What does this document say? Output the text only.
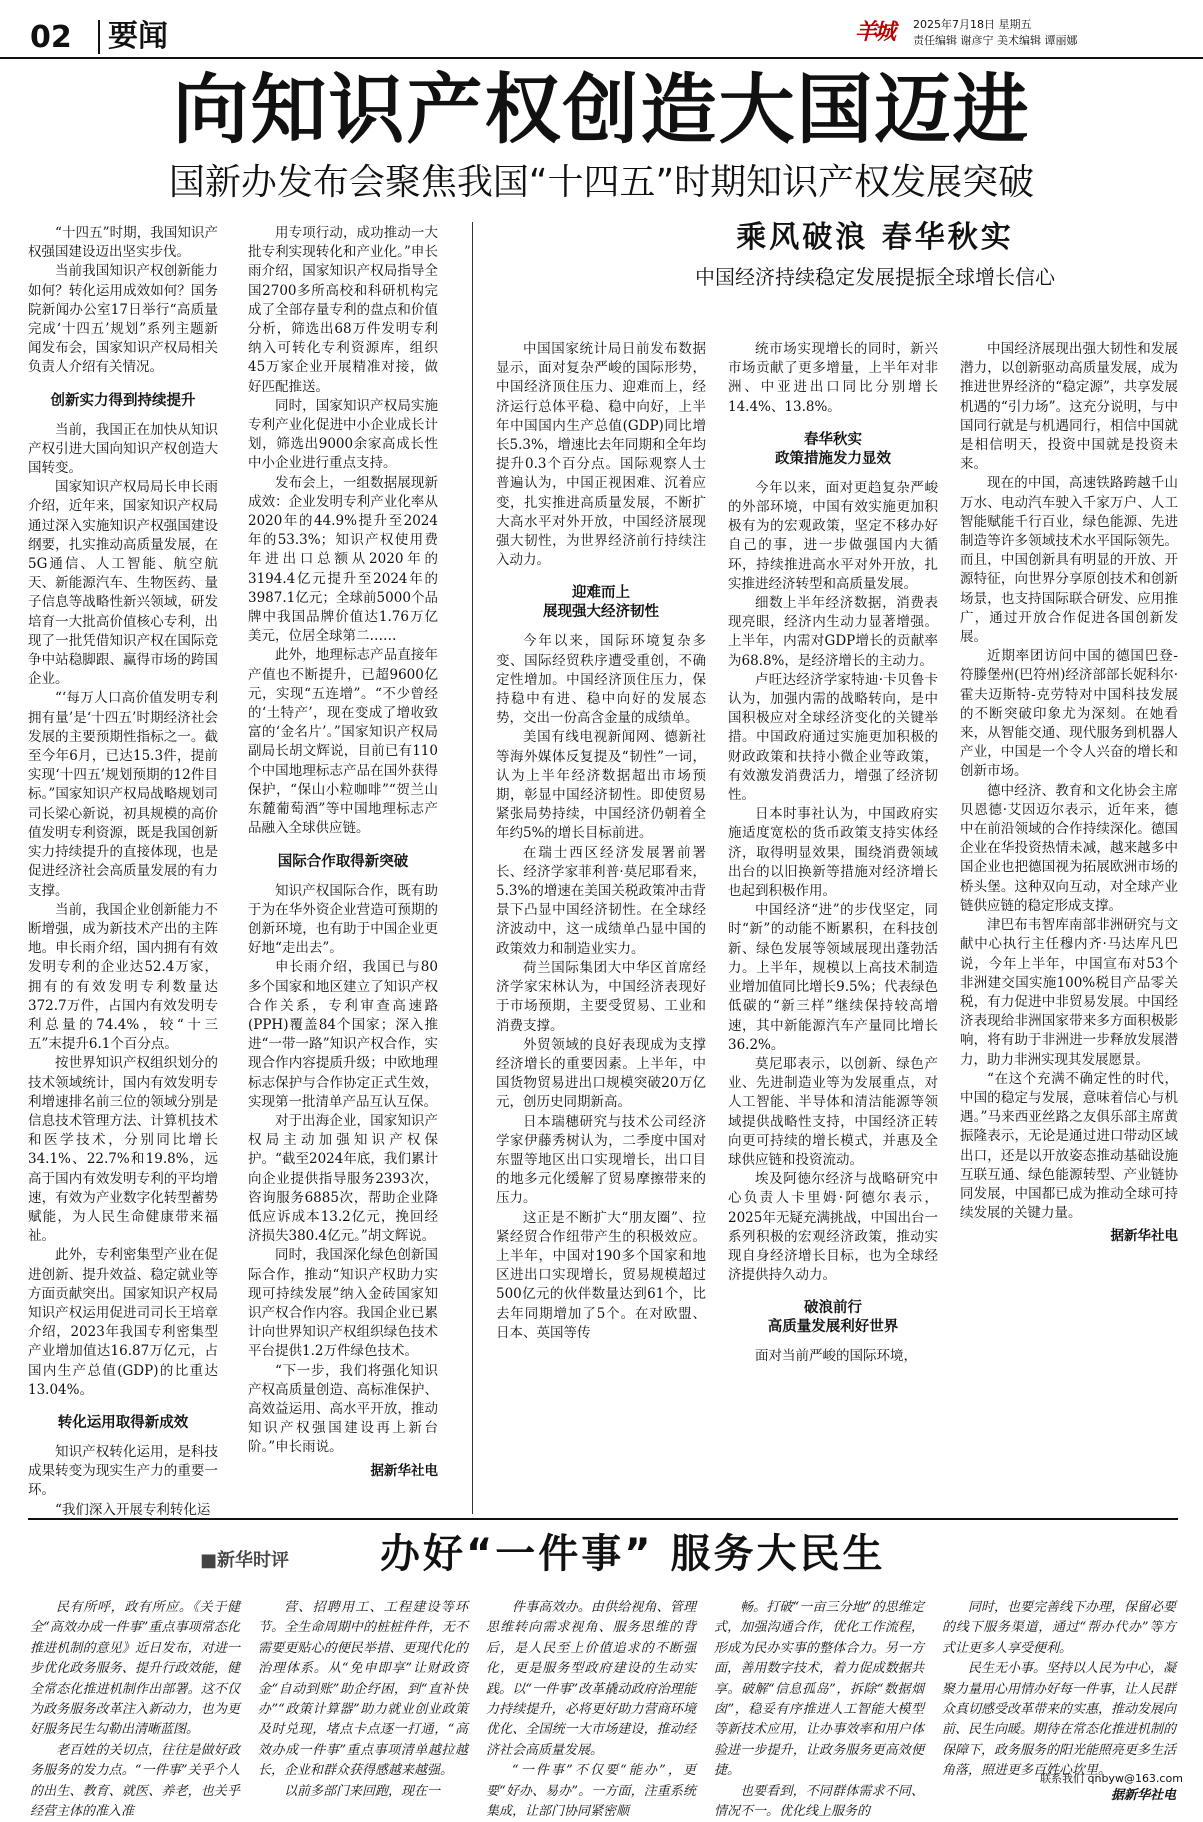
02	要闻	羊城	2025年7月18日 星期五
责任编辑 谢彦宁 美术编辑 谭丽娜
向知识产权创造大国迈进
国新办发布会聚焦我国“十四五”时期知识产权发展突破

“十四五”时期，我国知识产权强国建设迈出坚实步伐。

当前我国知识产权创新能力如何？转化运用成效如何？国务院新闻办公室17日举行“高质量完成‘十四五’规划”系列主题新闻发布会，国家知识产权局相关负责人介绍有关情况。

创新实力得到持续提升

当前，我国正在加快从知识产权引进大国向知识产权创造大国转变。

国家知识产权局局长申长雨介绍，近年来，国家知识产权局通过深入实施知识产权强国建设纲要，扎实推动高质量发展，在5G通信、人工智能、航空航天、新能源汽车、生物医药、量子信息等战略性新兴领域，研发培育一大批高价值核心专利，出现了一批凭借知识产权在国际竞争中站稳脚跟、赢得市场的跨国企业。

“‘每万人口高价值发明专利拥有量’是‘十四五’时期经济社会发展的主要预期性指标之一。截至今年6月，已达15.3件，提前实现‘十四五’规划预期的12件目标。”国家知识产权局战略规划司司长梁心新说，初具规模的高价值发明专利资源，既是我国创新实力持续提升的直接体现，也是促进经济社会高质量发展的有力支撑。

当前，我国企业创新能力不断增强，成为新技术产出的主阵地。申长雨介绍，国内拥有有效发明专利的企业达52.4万家，拥有的有效发明专利数量达372.7万件，占国内有效发明专利总量的74.4%，较“十三五”末提升6.1个百分点。

按世界知识产权组织划分的技术领域统计，国内有效发明专利增速排名前三位的领域分别是信息技术管理方法、计算机技术和医学技术，分别同比增长34.1%、22.7%和19.8%，远高于国内有效发明专利的平均增速，有效为产业数字化转型蓄势赋能，为人民生命健康带来福祉。

此外，专利密集型产业在促进创新、提升效益、稳定就业等方面贡献突出。国家知识产权局知识产权运用促进司司长王培章介绍，2023年我国专利密集型产业增加值达16.87万亿元，占国内生产总值(GDP)的比重达13.04%。

转化运用取得新成效

知识产权转化运用，是科技成果转变为现实生产力的重要一环。

“我们深入开展专利转化运

用专项行动，成功推动一大批专利实现转化和产业化。”申长雨介绍，国家知识产权局指导全国2700多所高校和科研机构完成了全部存量专利的盘点和价值分析，筛选出68万件发明专利纳入可转化专利资源库，组织45万家企业开展精准对接，做好匹配推送。

同时，国家知识产权局实施专利产业化促进中小企业成长计划，筛选出9000余家高成长性中小企业进行重点支持。

发布会上，一组数据展现新成效：企业发明专利产业化率从2020年的44.9%提升至2024年的53.3%；知识产权使用费年进出口总额从2020年的3194.4亿元提升至2024年的3987.1亿元；全球前5000个品牌中我国品牌价值达1.76万亿美元，位居全球第二……

此外，地理标志产品直接年产值也不断提升，已超9600亿元，实现“五连增”。“不少曾经的‘土特产’，现在变成了增收致富的‘金名片’。”国家知识产权局副局长胡文辉说，目前已有110个中国地理标志产品在国外获得保护，“保山小粒咖啡”“贺兰山东麓葡萄酒”等中国地理标志产品融入全球供应链。

国际合作取得新突破

知识产权国际合作，既有助于为在华外资企业营造可预期的创新环境，也有助于中国企业更好地“走出去”。

申长雨介绍，我国已与80多个国家和地区建立了知识产权合作关系，专利审查高速路(PPH)覆盖84个国家；深入推进“一带一路”知识产权合作，实现合作内容提质升级；中欧地理标志保护与合作协定正式生效，实现第一批清单产品互认互保。

对于出海企业，国家知识产权局主动加强知识产权保护。“截至2024年底，我们累计向企业提供指导服务2393次，咨询服务6885次，帮助企业降低应诉成本13.2亿元，挽回经济损失380.4亿元。”胡文辉说。

同时，我国深化绿色创新国际合作，推动“知识产权助力实现可持续发展”纳入金砖国家知识产权合作内容。我国企业已累计向世界知识产权组织绿色技术平台提供1.2万件绿色技术。

“下一步，我们将强化知识产权高质量创造、高标准保护、高效益运用、高水平开放，推动知识产权强国建设再上新台阶。”申长雨说。

据新华社电

乘风破浪 春华秋实
中国经济持续稳定发展提振全球增长信心

中国国家统计局日前发布数据显示，面对复杂严峻的国际形势，中国经济顶住压力、迎难而上，经济运行总体平稳、稳中向好，上半年中国国内生产总值(GDP)同比增长5.3%，增速比去年同期和全年均提升0.3个百分点。国际观察人士普遍认为，中国正视困难、沉着应变，扎实推进高质量发展，不断扩大高水平对外开放，中国经济展现强大韧性，为世界经济前行持续注入动力。

迎难而上
展现强大经济韧性

今年以来，国际环境复杂多变、国际经贸秩序遭受重创，不确定性增加。中国经济顶住压力，保持稳中有进、稳中向好的发展态势，交出一份高含金量的成绩单。

美国有线电视新闻网、德新社等海外媒体反复提及“韧性”一词，认为上半年经济数据超出市场预期，彰显中国经济韧性。即使贸易紧张局势持续，中国经济仍朝着全年约5%的增长目标前进。

在瑞士西区经济发展署前署长、经济学家菲利普·莫尼耶看来，5.3%的增速在美国关税政策冲击背景下凸显中国经济韧性。在全球经济波动中，这一成绩单凸显中国的政策效力和制造业实力。

荷兰国际集团大中华区首席经济学家宋林认为，中国经济表现好于市场预期，主要受贸易、工业和消费支撑。

外贸领域的良好表现成为支撑经济增长的重要因素。上半年，中国货物贸易进出口规模突破20万亿元，创历史同期新高。

日本瑞穗研究与技术公司经济学家伊藤秀树认为，二季度中国对东盟等地区出口实现增长，出口目的地多元化缓解了贸易摩擦带来的压力。

这正是不断扩大“朋友圈”、拉紧经贸合作纽带产生的积极效应。上半年，中国对190多个国家和地区进出口实现增长，贸易规模超过500亿元的伙伴数量达到61个，比去年同期增加了5个。在对欧盟、日本、英国等传

统市场实现增长的同时，新兴市场贡献了更多增量，上半年对非洲、中亚进出口同比分别增长14.4%、13.8%。

春华秋实
政策措施发力显效

今年以来，面对更趋复杂严峻的外部环境，中国有效实施更加积极有为的宏观政策，坚定不移办好自己的事，进一步做强国内大循环，持续推进高水平对外开放，扎实推进经济转型和高质量发展。

细数上半年经济数据，消费表现亮眼，经济内生动力显著增强。上半年，内需对GDP增长的贡献率为68.8%，是经济增长的主动力。

卢旺达经济学家特迪·卡贝鲁卡认为，加强内需的战略转向，是中国积极应对全球经济变化的关键举措。中国政府通过实施更加积极的财政政策和扶持小微企业等政策，有效激发消费活力，增强了经济韧性。

日本时事社认为，中国政府实施适度宽松的货币政策支持实体经济，取得明显效果，围绕消费领域出台的以旧换新等措施对经济增长也起到积极作用。

中国经济“进”的步伐坚定，同时“新”的动能不断累积，在科技创新、绿色发展等领域展现出蓬勃活力。上半年，规模以上高技术制造业增加值同比增长9.5%；代表绿色低碳的“新三样”继续保持较高增速，其中新能源汽车产量同比增长36.2%。

莫尼耶表示，以创新、绿色产业、先进制造业等为发展重点，对人工智能、半导体和清洁能源等领域提供战略性支持，中国经济正转向更可持续的增长模式，并惠及全球供应链和投资流动。

埃及阿徳尔经济与战略研究中心负责人卡里姆·阿德尔表示，2025年无疑充满挑战，中国出台一系列积极的宏观经济政策，推动实现自身经济增长目标，也为全球经济提供持久动力。

破浪前行
高质量发展利好世界

面对当前严峻的国际环境，

中国经济展现出强大韧性和发展潜力，以创新驱动高质量发展，成为推进世界经济的“稳定源”，共享发展机遇的“引力场”。这充分说明，与中国同行就是与机遇同行，相信中国就是相信明天，投资中国就是投资未来。

现在的中国，高速铁路跨越千山万水、电动汽车驶入千家万户、人工智能赋能千行百业，绿色能源、先进制造等许多领域技术水平国际领先。而且，中国创新具有明显的开放、开源特征，向世界分享原创技术和创新场景，也支持国际联合研发、应用推广，通过开放合作促进各国创新发展。

近期率团访问中国的德国巴登-符滕堡州(巴符州)经济部部长妮科尔·霍夫迈斯特-克劳特对中国科技发展的不断突破印象尤为深刻。在她看来，从智能交通、现代服务到机器人产业，中国是一个令人兴奋的增长和创新市场。

德中经济、教育和文化协会主席贝恩德·艾因迈尔表示，近年来，德中在前沿领域的合作持续深化。德国企业在华投资热情未减，越来越多中国企业也把德国视为拓展欧洲市场的桥头堡。这种双向互动，对全球产业链供应链的稳定形成支撑。

津巴布韦智库南部非洲研究与文献中心执行主任穆内齐·马达库凡巴说，今年上半年，中国宣布对53个非洲建交国实施100%税目产品零关税，有力促进中非贸易发展。中国经济表现给非洲国家带来多方面积极影响，将有助于非洲进一步释放发展潜力，助力非洲实现其发展愿景。

“在这个充满不确定性的时代，中国的稳定与发展，意味着信心与机遇。”马来西亚丝路之友俱乐部主席黄振隆表示，无论是通过进口带动区域出口，还是以开放姿态推动基础设施互联互通、绿色能源转型、产业链协同发展，中国都已成为推动全球可持续发展的关键力量。

据新华社电

■新华时评 办好“一件事” 服务大民生

民有所呼，政有所应。《关于健全“高效办成一件事”重点事项常态化推进机制的意见》近日发布，对进一步优化政务服务、提升行政效能，健全常态化推进机制作出部署。这不仅为政务服务改革注入新动力，也为更好服务民生勾勒出清晰蓝图。

老百姓的关切点，往往是做好政务服务的发力点。“一件事”关乎个人的出生、教育、就医、养老，也关乎经营主体的准入准

营、招聘用工、工程建设等环节。全生命周期中的桩桩件件，无不需要更贴心的便民举措、更现代化的治理体系。从“免申即享”让财政资金“自动到账”助企纾困，到“直补快办”“政策计算器”助力就业创业政策及时兑现，堵点卡点逐一打通，“高效办成一件事”重点事项清单越拉越长，企业和群众获得感越来越强。

以前多部门来回跑，现在一

件事高效办。由供给视角、管理思维转向需求视角、服务思维的背后，是人民至上价值追求的不断强化，更是服务型政府建设的生动实践。以“一件事”改革撬动政府治理能力持续提升，必将更好助力营商环境优化、全国统一大市场建设，推动经济社会高质量发展。

“一件事”不仅要“能办”，更要“好办、易办”。一方面，注重系统集成，让部门协同紧密顺

畅。打破“一亩三分地”的思维定式，加强沟通合作，优化工作流程，形成为民办实事的整体合力。另一方面，善用数字技术，着力促成数据共享。破解“信息孤岛”，拆除“数据烟囱”，稳妥有序推进人工智能大模型等新技术应用，让办事效率和用户体验进一步提升，让政务服务更高效便捷。

也要看到，不同群体需求不同、情况不一。优化线上服务的

同时，也要完善线下办理，保留必要的线下服务渠道，通过“帮办代办”等方式让更多人享受便利。

民生无小事。坚持以人民为中心，凝聚力量用心用情办好每一件事，让人民群众真切感受改革带来的实惠，推动发展向前、民生向暖。期待在常态化推进机制的保障下，政务服务的阳光能照亮更多生活角落，照进更多百姓心坎里。

据新华社电

联系我们 qnbyw@163.com
